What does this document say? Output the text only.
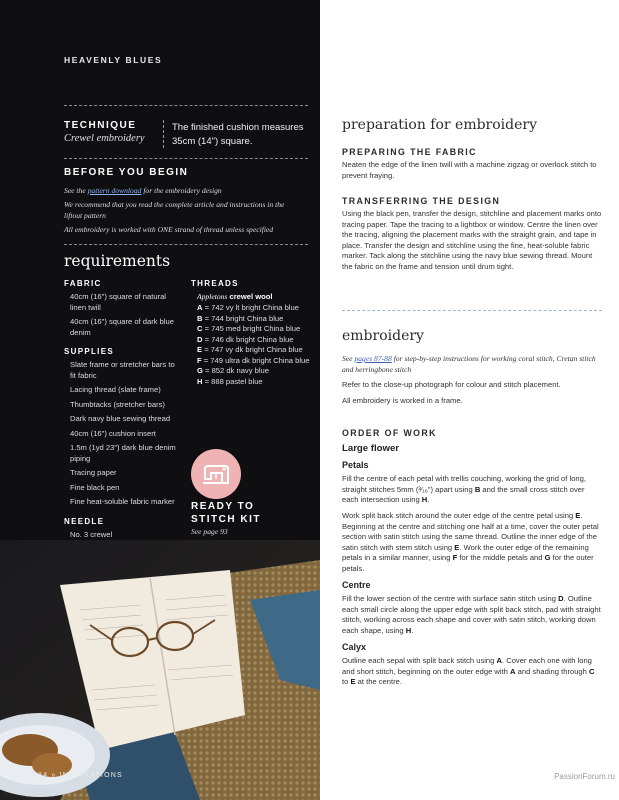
HEAVENLY BLUES
TECHNIQUE
Crewel embroidery
The finished cushion measures 35cm (14") square.
BEFORE YOU BEGIN

See the pattern download for the embroidery design

We recommend that you read the complete article and instructions in the liftout pattern

All embroidery is worked with ONE strand of thread unless specified

requirements
FABRIC
40cm (16") square of natural linen twill
40cm (16") square of dark blue denim
SUPPLIES
Slate frame or stretcher bars to fit fabric
Lacing thread (slate frame)
Thumbtacks (stretcher bars)
Dark navy blue sewing thread
40cm (16") cushion insert
1.5m (1yd 23") dark blue denim piping
Tracing paper
Fine black pen
Fine heat-soluble fabric marker
NEEDLE
No. 3 crewel
THREADS
Appletons crewel wool
A = 742 vy lt bright China blue
B = 744 bright China blue
C = 745 med bright China blue
D = 746 dk bright China blue
E = 747 vy dk bright China blue
F = 749 ultra dk bright China blue
G = 852 dk navy blue
H = 888 pastel blue
READY TO STITCH KIT
See page 93
84 » INSPIRATIONS
preparation for embroidery
PREPARING THE FABRIC
Neaten the edge of the linen twill with a machine zigzag or overlock stitch to prevent fraying.
TRANSFERRING THE DESIGN
Using the black pen, transfer the design, stitchline and placement marks onto tracing paper. Tape the tracing to a lightbox or window. Centre the linen over the tracing, aligning the placement marks with the straight grain, and tape in place. Transfer the design and stitchline using the fine, heat-soluble fabric marker. Tack along the stitchline using the navy blue sewing thread. Mount the fabric on the frame and tension until drum tight.
embroidery

See pages 87-88 for step-by-step instructions for working coral stitch, Cretan stitch and herringbone stitch

Refer to the close-up photograph for colour and stitch placement.

All embroidery is worked in a frame.

ORDER OF WORK
Large flower
Petals

Fill the centre of each petal with trellis couching, working the grid of long, straight stitches 5mm (³⁄₁₆") apart using B and the small cross stitch over each intersection using H.

Work split back stitch around the outer edge of the centre petal using E. Beginning at the centre and stitching one half at a time, cover the outer petal section with satin stitch using the same thread. Outline the inner edge of the satin stitch with stem stitch using E. Work the outer edge of the remaining petals in a similar manner, using F for the middle petals and G for the outer petals.

Centre

Fill the lower section of the centre with surface satin stitch using D. Outline each small circle along the upper edge with split back stitch, pad with straight stitch, working across each shape and cover with satin stitch, working down each shape, using H.

Calyx

Outline each sepal with split back stitch using A. Cover each one with long and short stitch, beginning on the outer edge with A and shading through C to E at the centre.

PassionForum.ru
